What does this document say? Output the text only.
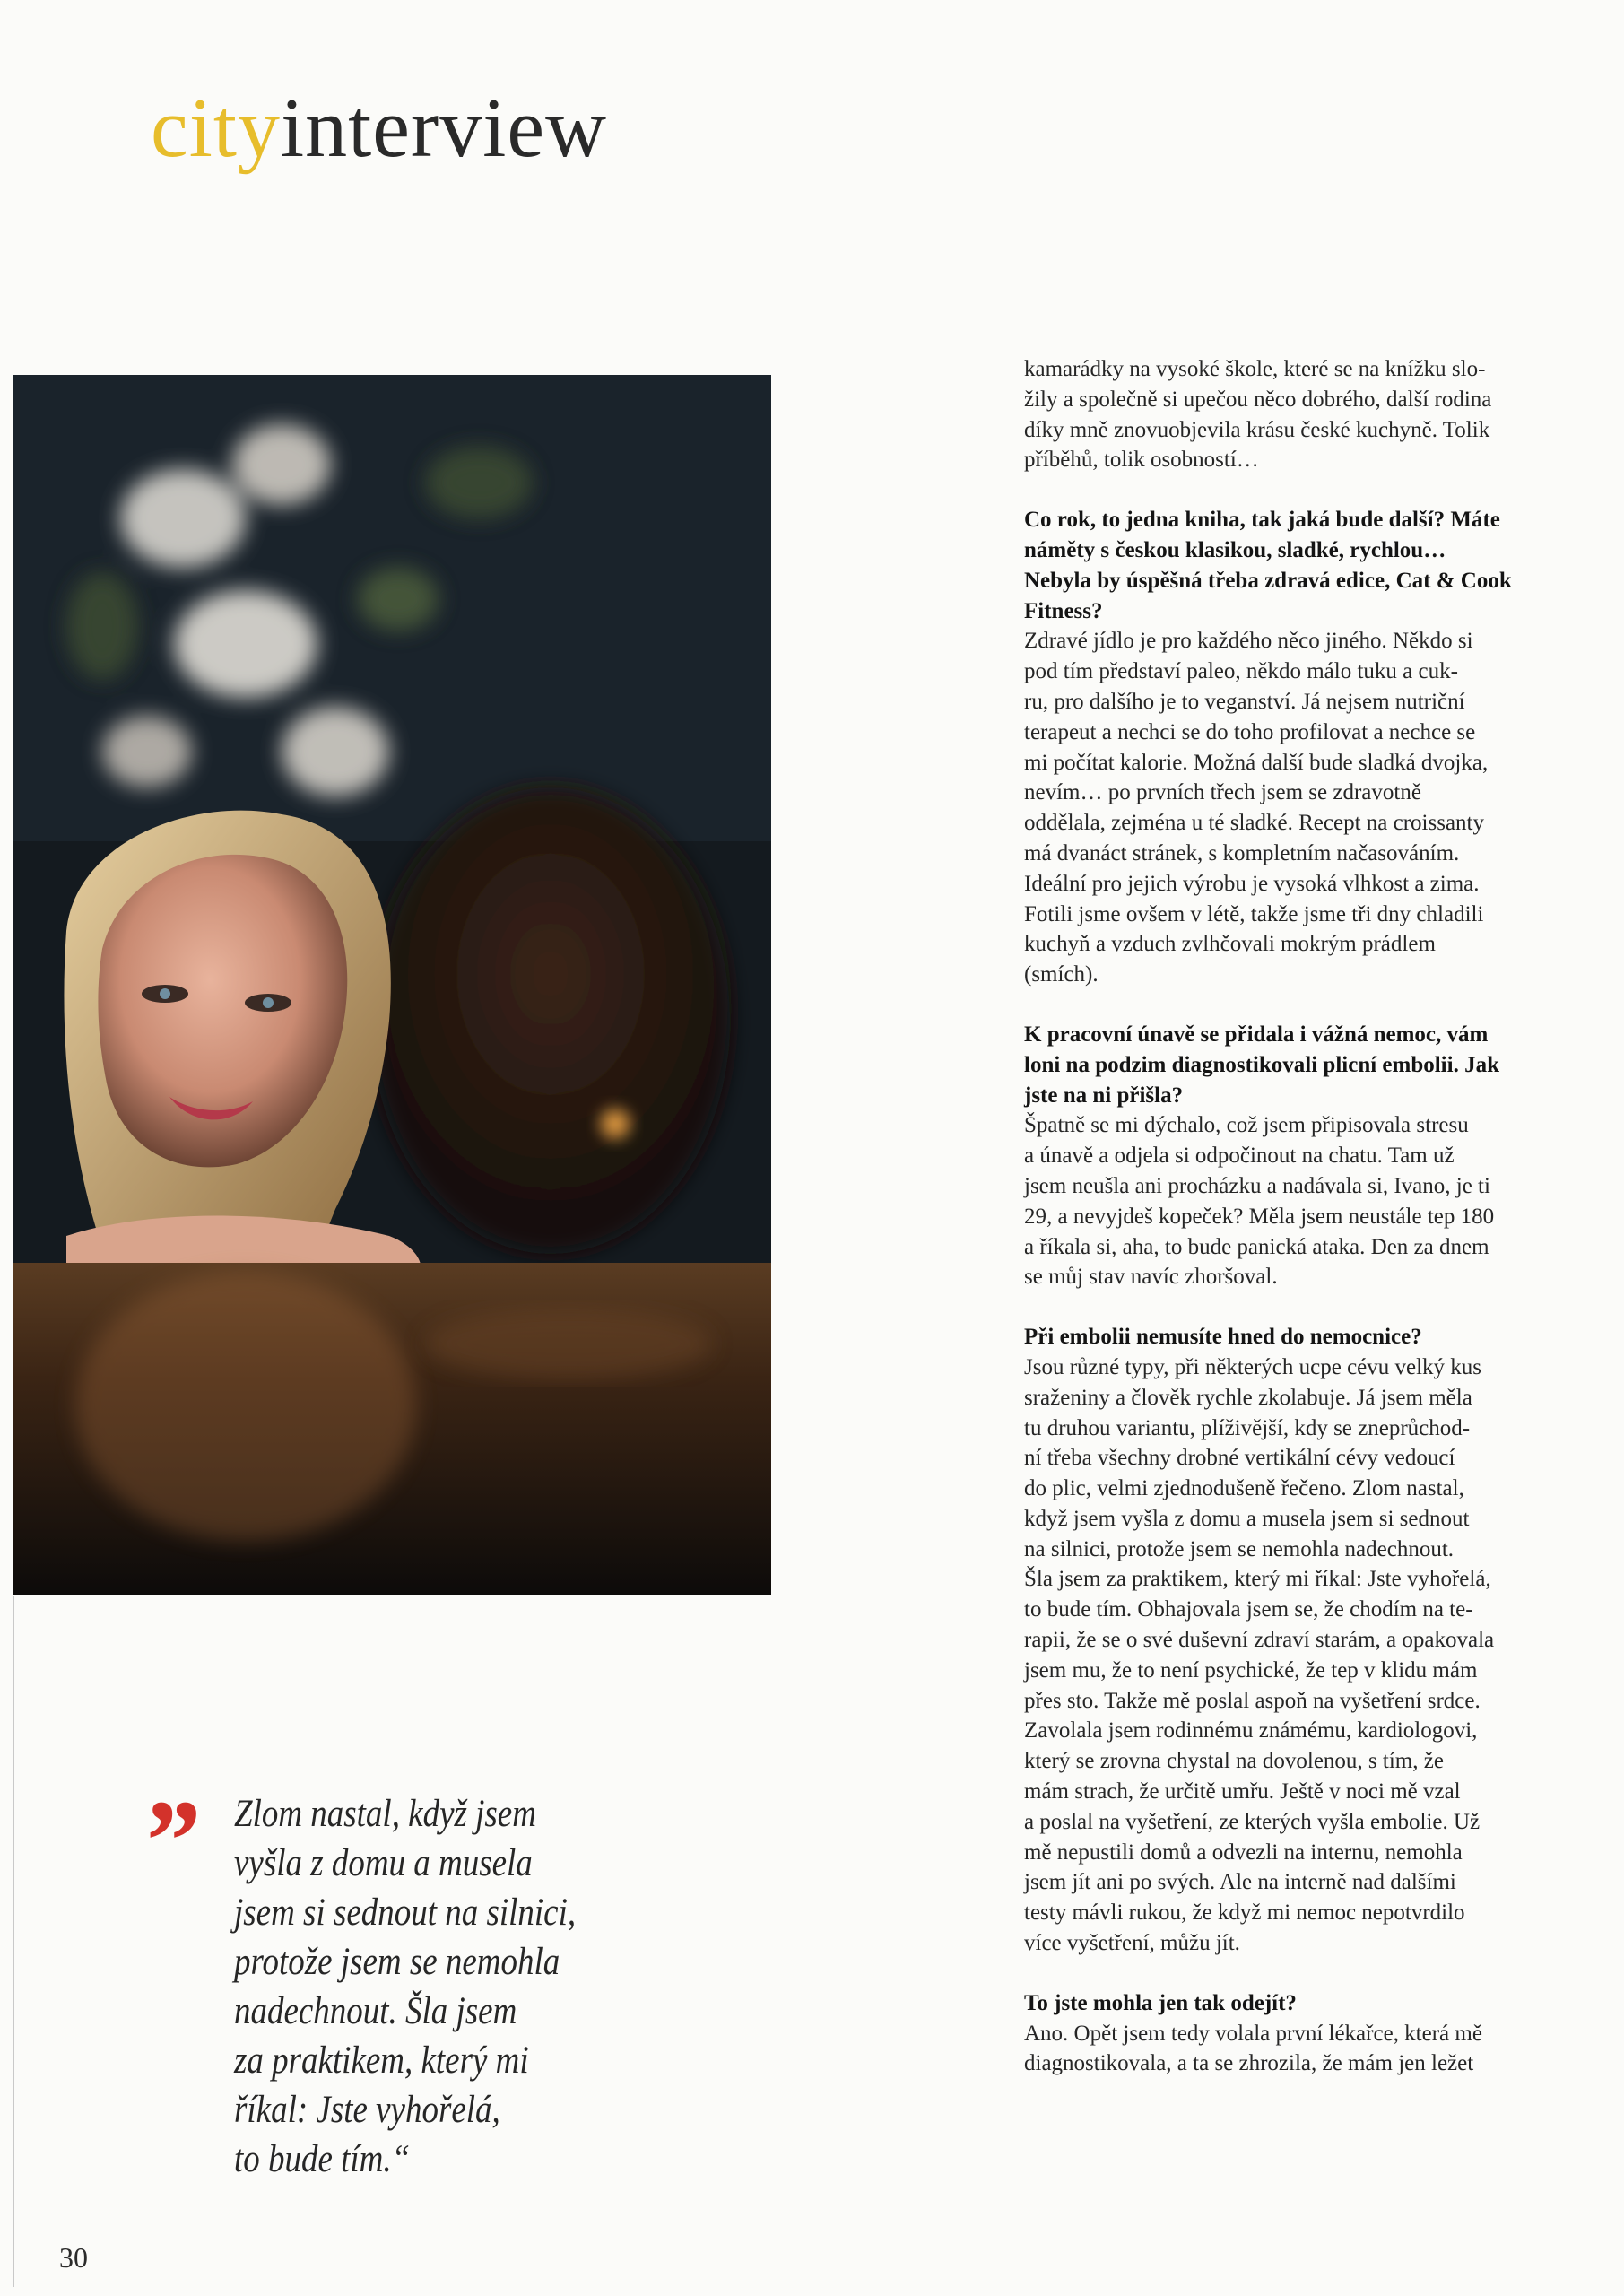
cityinterview
” Zlom nastal, když jsem
vyšla z domu a musela
jsem si sednout na silnici,
protože jsem se nemohla
nadechnout. Šla jsem
za praktikem, který mi
říkal: Jste vyhořelá,
to bude tím.“
30
kamarádky na vysoké škole, které se na knížku slo-
žily a společně si upečou něco dobrého, další rodina
díky mně znovuobjevila krásu české kuchyně. Tolik
příběhů, tolik osobností…
Co rok, to jedna kniha, tak jaká bude další? Máte
náměty s českou klasikou, sladké, rychlou…
Nebyla by úspěšná třeba zdravá edice, Cat & Cook
Fitness?
Zdravé jídlo je pro každého něco jiného. Někdo si
pod tím představí paleo, někdo málo tuku a cuk-
ru, pro dalšího je to veganství. Já nejsem nutriční
terapeut a nechci se do toho profilovat a nechce se
mi počítat kalorie. Možná další bude sladká dvojka,
nevím… po prvních třech jsem se zdravotně
oddělala, zejména u té sladké. Recept na croissanty
má dvanáct stránek, s kompletním načasováním.
Ideální pro jejich výrobu je vysoká vlhkost a zima.
Fotili jsme ovšem v létě, takže jsme tři dny chladili
kuchyň a vzduch zvlhčovali mokrým prádlem
(smích).
K pracovní únavě se přidala i vážná nemoc, vám
loni na podzim diagnostikovali plicní embolii. Jak
jste na ni přišla?
Špatně se mi dýchalo, což jsem připisovala stresu
a únavě a odjela si odpočinout na chatu. Tam už
jsem neušla ani procházku a nadávala si, Ivano, je ti
29, a nevyjdeš kopeček? Měla jsem neustále tep 180
a říkala si, aha, to bude panická ataka. Den za dnem
se můj stav navíc zhoršoval.
Při embolii nemusíte hned do nemocnice?
Jsou různé typy, při některých ucpe cévu velký kus
sraženiny a člověk rychle zkolabuje. Já jsem měla
tu druhou variantu, plíživější, kdy se zneprůchod-
ní třeba všechny drobné vertikální cévy vedoucí
do plic, velmi zjednodušeně řečeno. Zlom nastal,
když jsem vyšla z domu a musela jsem si sednout
na silnici, protože jsem se nemohla nadechnout.
Šla jsem za praktikem, který mi říkal: Jste vyhořelá,
to bude tím. Obhajovala jsem se, že chodím na te-
rapii, že se o své duševní zdraví starám, a opakovala
jsem mu, že to není psychické, že tep v klidu mám
přes sto. Takže mě poslal aspoň na vyšetření srdce.
Zavolala jsem rodinnému známému, kardiologovi,
který se zrovna chystal na dovolenou, s tím, že
mám strach, že určitě umřu. Ještě v noci mě vzal
a poslal na vyšetření, ze kterých vyšla embolie. Už
mě nepustili domů a odvezli na internu, nemohla
jsem jít ani po svých. Ale na interně nad dalšími
testy mávli rukou, že když mi nemoc nepotvrdilo
více vyšetření, můžu jít.
To jste mohla jen tak odejít?
Ano. Opět jsem tedy volala první lékařce, která mě
diagnostikovala, a ta se zhrozila, že mám jen ležet
